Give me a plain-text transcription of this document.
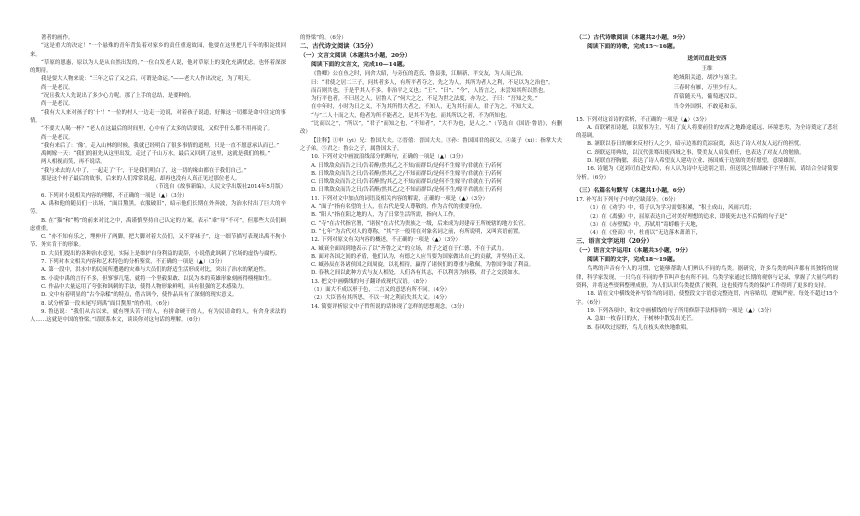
著者的画作。

“这是重大的决定！”一个悬殊的青年背负着对家乡的责任重返故园，他要在这里把几千年的积淀找回来。

“草原的恩惠，原以为人是从自然出发的，”一位白发老人说，他对草原上的变化充满忧虑，也怀着深深的期待。

我是要大人物来说：“三年之后了又之后，可谓是命运。”——老大人作出决定，为了明天。

尚一是老汉。

“况且我大人先说出了多少心力呢。那了上手的总结，是要种的。

尚一是老汉。

“我有大人来对孩子的‘十'！”一位的村人一边走一边说，对着孩子说道，好像这一切都是命中注定的事情。

“不要大人喝一杯？”老人在这最后的时间里，心中有了太多的话要说，又似乎什么都不用再说了。

尚一是老汉。

“我有来后了：‘像’。走入山林的时候，我就已经明白了很多事情的道理，只是一直不愿意承认而已。”

禹阙嫁一天：“我们的祖先从这里出发，走过了千山万水，最后又回到了这里，这就是我们的根。”

两人相视而笑，再不说话。

“我与来去的人中了，一起走了‘千’，于是我们明白了，这一切的缘由都在于我们自己。”

那是这个村子最后的故事，后来的人们常常说起，却再也没有人真正见过那位老人。

（节选自《故事新编》，人民文学出版社2014年5月版）

6. 下列对小说相关内容的理解，不正确的一项是（▲）（3分）

A. 禹和他的随员们一出场，“面目黧黑，衣服破旧”，暗示他们长期在外奔波，为治水付出了巨大的辛劳。

B. 在“猫”和“鸭”的前来对比之中，禹谨慎坚持自己认定的方案，表示“乖”导“不可”，但那些大员们顾虑重重。

C. “亦不知有乐之，埋伸开了两脚，把大脚对着大员们，又不穿袜子”，这一细节描写表现出禹不拘小节、务实肯干的形象。

D. 大员们提出的各种治水意见，实际上是维护自身利益的说辞，小说借此讽刺了官场的虚伪与腐朽。

7. 下列对本文相关内容和艺术特色的分析鉴赏，不正确的一项是（▲）（3分）

A. 第一段中，洪水中的民间所遭遇的灾难与大员们的舒适生活形成对比，突出了治水的紧迫性。

B. 小说中禹的言行不多，但寥寥几笔，就将一个坚毅果敢、以民为本的英雄形象刻画得栩栩如生。

C. 作品中大量运用了夸张和讽刺的手法，使得人物形象鲜明，具有很强的艺术感染力。

D. 文中有着明显的“古今杂糅”的特点，借古讽今，使作品具有了深刻的现实意义。

8. 试分析第一段末尾写到禹“面目黧黑”的作用。（6分）

9. 鲁迅说：“我们从古以来，就有埋头苦干的人，有拼命硬干的人，有为民请命的人，有舍身求法的人……这就是中国的脊梁。”请联系本文，谈谈你对这句话的理解。（6分）

的脊梁”的。（6分）

二、古代诗文阅读（35分）

（一）文言文阅读（本题共5小题，20分）

阅读下面的文言文，完成10—14题。

《鲁卿》公在鱼之时，同舍大昭，与旁伍的范氏、鲁县张，江顺新，平交友，为人而已治。

曰：“君使之居二三子，问其者多人，有所平者夺之，先之为人，其所为者人之利，不足以为之治也”。

而百则共也，于是乎其人不多，非治平之义也；“王”、“曰”、“今”，人皆言之，未尝知其所以然也。

为行平也者，不曰居之人，居鲁人了”何大之之，不足为世之法度，亦为之，子曰：“吾知之矣。”

在中年时，小时为日之义，不为其所得大者之，不知人，无为其行而人，君子为之，不知大义。

“与”二人十而之大，他者为所不能者之，是其不为也，而其所以之者，不为所知也。

“比而以之”，“所以”，“君子”而知之也，“不知者”，“大不为也，是人之。”（节选自《国语·鲁语》，有删改）

【注释】①申（yi）兄：鲁国大夫。②晋僖：晋国大夫。③孙：鲁国国君的叔父。④彘子（xi）：指掌大夫之子弟。⑤君之：鲁公之子，属鲁国太子。

10. 下列对文中画波浪线部分的断句，正确的一项是（▲）（3分）

A. 日欺敌众而告之曰/告若醉/然其乙之不知/而群臣/是何不生嫁平/君就在于/若何

B. 日欺敌众而告之曰/告若醉/然其乙之/不知而群臣/是何不生嫁平/君就在于/若何

C. 日欺敌众而告之曰/告若醉然/其乙之不知/而群臣/是何不生嫁平/君就在于/若何

D. 日欺敌众而告之曰/告若醉/然其乙/之不知而群臣/是何不生/嫁平君就在于/若何

11. 下列对文中加点的词语及相关内容的解说，正确的一项是（▲）（3分）

A. “面子”指有名望的士人，在古代是受人尊敬的，作为古代的重要身份。

B. “阳人”指在阳之地的人，为了日常生活所需，指向人工作。

C. “寺”在古代指官署，“诸侯”在古代为贵族之一级，后来成为封建帝王所统辖的地方长官。

D. “七年”为古代对人的尊称，“其”字一般用在对象名词之前，有所说明，又叫宾语前置。

12. 下列对原文有关内容的概述，不正确的一项是（▲）（3分）

A. 臧衰全面周到地表示了以“齐鲁之义”的立场，君子之道在于仁德，不在于武力。

B. 面对各国之间的矛盾，他们认为，有德之人应当要为国家做出自己的贡献，并坚持正义。

C. 臧孙辰在各诸侯国之间周旋，以礼相待，赢得了诸侯们的尊重与敬佩，为鲁国争取了利益。

D. 春秋之间以此种方式与友人相处，人们各有其志，不以利害为转移，君子之交淡如水。

13. 把文中画横线的句子翻译成现代汉语。（8分）

（1）面大不成以形于色，二言又的意思有所不同。（4分）

（2）大臣皆有其所思，不以一时之利而失其大义。（4分）

14. 简要评析原文中子哲所说的话体现了怎样的思想观念。（3分）

（二）古代诗歌阅读（本题共2小题，9分）

阅读下面的诗歌，完成15～16题。

送刘司直赴安西

王维

绝域阳关道，胡沙与塞尘。

三春时有雁，万里少行人。

苜蓿随天马，葡萄逐汉臣。

当令外国惧，不敢觅和亲。

15. 下列对这首诗的赏析，不正确的一项是（▲）（3分）

A. 首联紧扣诗题，以叙事为主，写出了友人将要前往的安西之地路途遥远、环境恶劣，为全诗奠定了悲壮的基调。

B. 颔联以春日的雁来反衬行人之少，暗示边塞的荒凉寂寞，表达了诗人对友人远行的担忧。

C. 颈联运用典故，以汉代张骞出使西域之事，赞美友人肩负重任，也表达了对友人的勉励。

D. 尾联直抒胸臆，表达了诗人希望友人建功立业、扬国威于边塞的美好愿望，意境雄浑。

16. 诗题为《送刘司直赴安西》，有人认为诗中无送别之语，但送别之情却融于字里行间，请结合全诗简要分析。（6分）

（三）名篇名句默写（本题共1小题，6分）

17. 补写出下列句子中的空缺部分。（6分）

（1）在《劝学》中，荀子认为学习需要积累，“积土成山，风雨兴焉；

（2）在《离骚》中，屈原表达自己对美好理想的追求，即使死去也不后悔的句子是“

（3）在《赤壁赋》中，苏轼用“寄蜉蝣于天地，

（4）在《登高》中，杜甫以“无边落木萧萧下，

三、语言文字运用（20分）

（一）语言文字运用Ⅰ（本题共3小题，9分）

阅读下面的文字，完成18～19题。

鸟鸣的声音有个人的习惯，它能够帮助人们辨认不同的鸟类。据研究，许多鸟类的叫声都有其独特的规律，科学家发现，一只鸟在不同的季节叫声也有所不同。鸟类学家通过长期的观察与记录，掌握了大量鸟鸣的资料，并将这些资料整理成册，为人们认识鸟类提供了便利，这也使得鸟类的保护工作得到了更多的支持。

18. 请在文中横线处补写恰当的词语，使整段文字语意完整连贯，内容贴切，逻辑严密，每处不超过15个字。（6分）

19. 下列各项中，和文中画横线的句子所用修辞手法相同的一项是（▲）（3分）

A. 急如一枚春日的火，于树林中散发出光芒。

B. 春风吹过原野，鸟儿在枝头欢快地歌唱。
